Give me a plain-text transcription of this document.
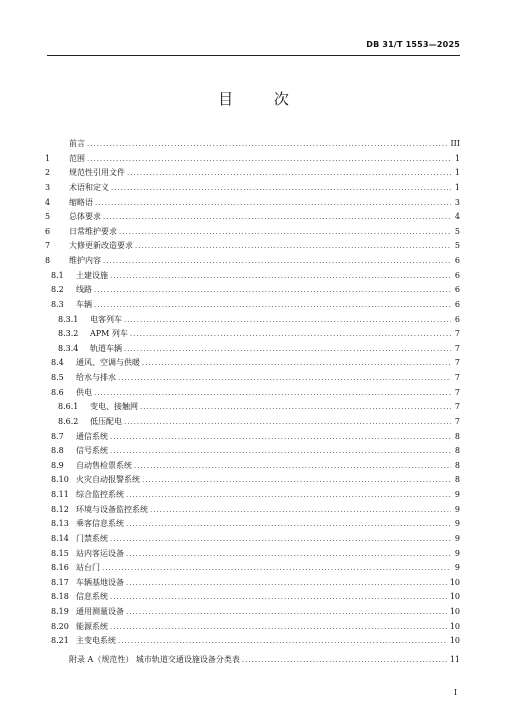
DB 31/T 1553—2025
目 次
前言 .....	III
1	范围 .....	1
2	规范性引用文件 .....	1
3	术语和定义 .....	1
4	缩略语 .....	3
5	总体要求 .....	4
6	日常维护要求 .....	5
7	大修更新改造要求 .....	5
8	维护内容 .....	6
8.1	土建设施 .....	6
8.2	线路 .....	6
8.3	车辆 .....	6
8.3.1	电客列车 .....	6
8.3.2	APM 列车 .....	7
8.3.4	轨道车辆 .....	7
8.4	通风、空调与供暖 .....	7
8.5	给水与排水 .....	7
8.6	供电 .....	7
8.6.1	变电、接触网 .....	7
8.6.2	低压配电 .....	7
8.7	通信系统 .....	8
8.8	信号系统 .....	8
8.9	自动售检票系统 .....	8
8.10 火灾自动报警系统 .....	8
8.11 综合监控系统 .....	9
8.12 环境与设备监控系统 .....	9
8.13 乘客信息系统 .....	9
8.14 门禁系统 .....	9
8.15 站内客运设备 .....	9
8.16 站台门 .....	9
8.17 车辆基地设备 .....	10
8.18 信息系统 .....	10
8.19 通用测量设备 .....	10
8.20 能源系统 .....	10
8.21 主变电系统 .....	10
附录 A（规范性） 城市轨道交通设施设备分类表 .....	11
I
